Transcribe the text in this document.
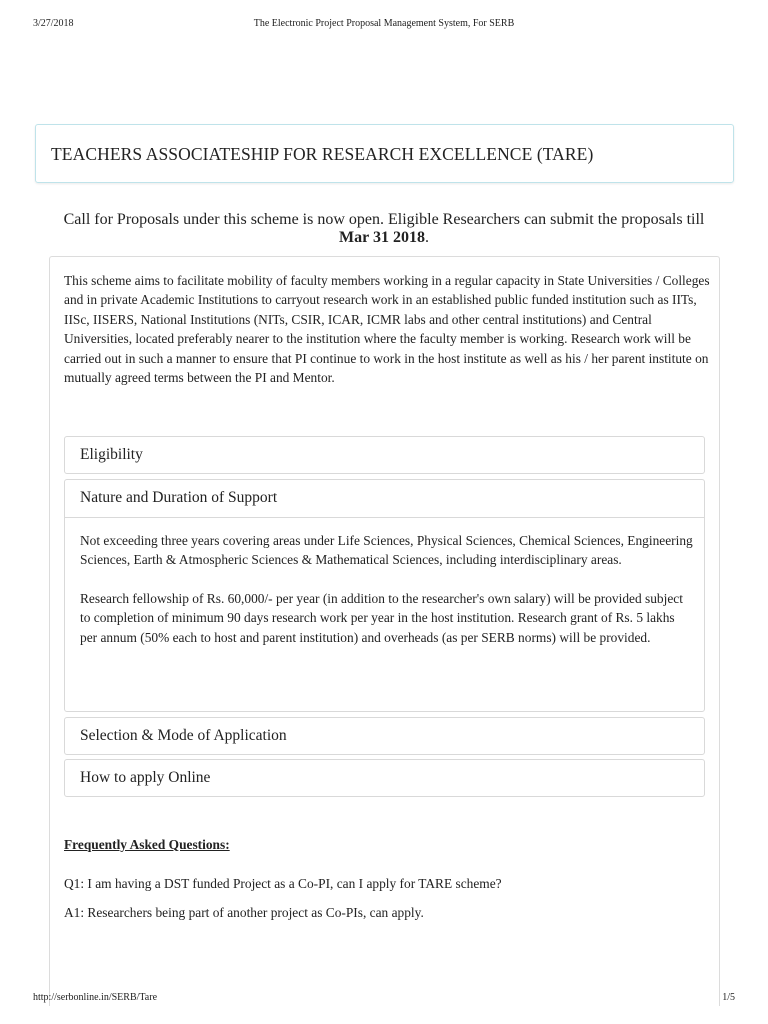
3/27/2018	The Electronic Project Proposal Management System, For SERB
TEACHERS ASSOCIATESHIP FOR RESEARCH EXCELLENCE (TARE)
Call for Proposals under this scheme is now open. Eligible Researchers can submit the proposals till Mar 31 2018.

This scheme aims to facilitate mobility of faculty members working in a regular capacity in State Universities / Colleges and in private Academic Institutions to carryout research work in an established public funded institution such as IITs, IISc, IISERS, National Institutions (NITs, CSIR, ICAR, ICMR labs and other central institutions) and Central Universities, located preferably nearer to the institution where the faculty member is working. Research work will be carried out in such a manner to ensure that PI continue to work in the host institute as well as his / her parent institute on mutually agreed terms between the PI and Mentor.

Eligibility
Nature and Duration of Support

Not exceeding three years covering areas under Life Sciences, Physical Sciences, Chemical Sciences, Engineering Sciences, Earth & Atmospheric Sciences & Mathematical Sciences, including interdisciplinary areas.

Research fellowship of Rs. 60,000/- per year (in addition to the researcher's own salary) will be provided subject to completion of minimum 90 days research work per year in the host institution. Research grant of Rs. 5 lakhs per annum (50% each to host and parent institution) and overheads (as per SERB norms) will be provided.

Selection & Mode of Application
How to apply Online
Frequently Asked Questions:
Q1: I am having a DST funded Project as a Co-PI, can I apply for TARE scheme?
A1: Researchers being part of another project as Co-PIs, can apply.
http://serbonline.in/SERB/Tare	1/5
